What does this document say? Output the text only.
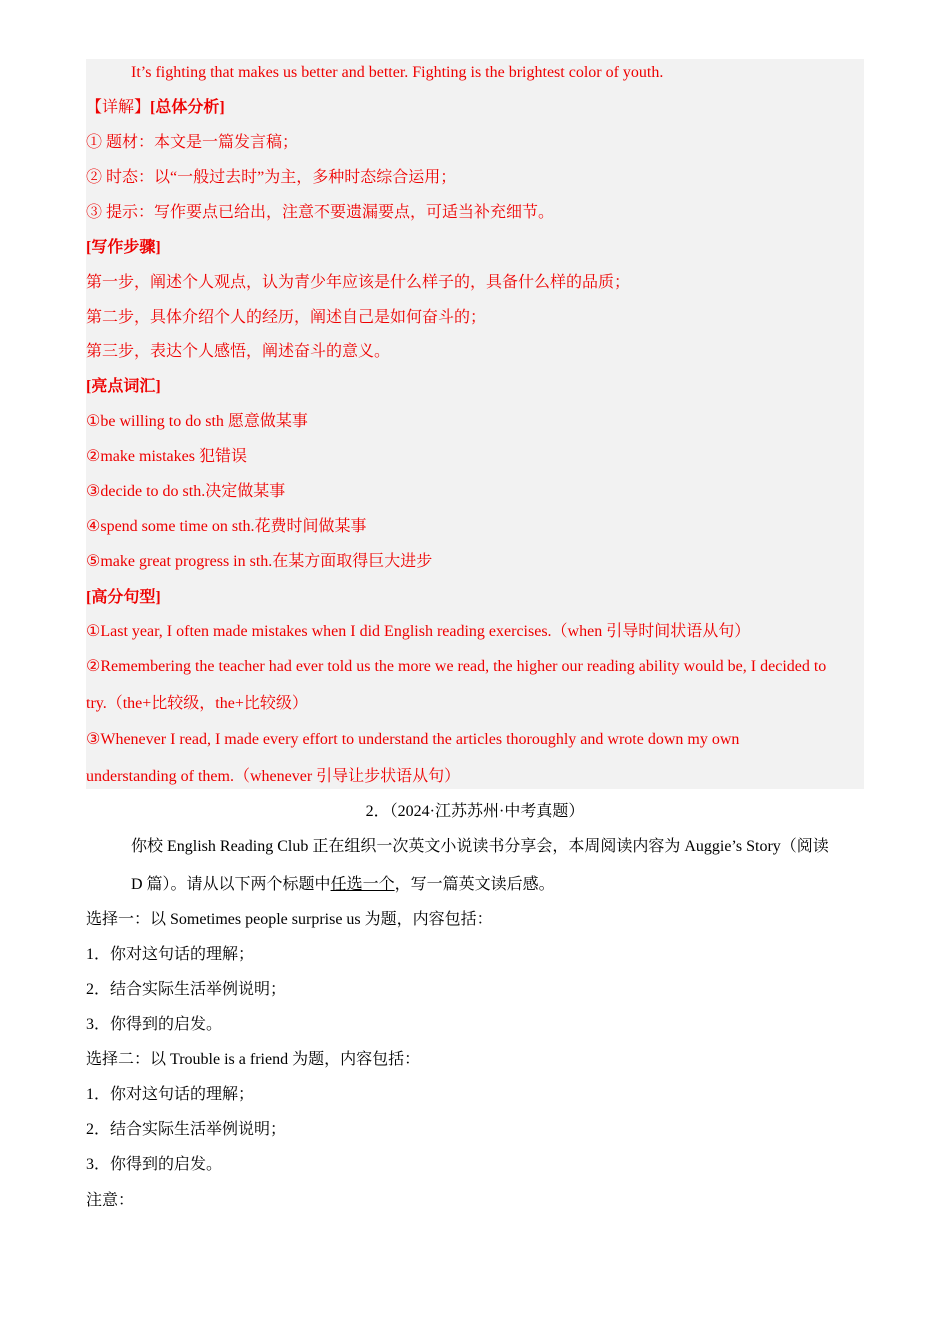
It’s fighting that makes us better and better. Fighting is the brightest color of youth.
【详解】[总体分析]
① 题材：本文是一篇发言稿；
② 时态：以“一般过去时”为主，多种时态综合运用；
③ 提示：写作要点已给出，注意不要遗漏要点，可适当补充细节。
[写作步骤]
第一步，阐述个人观点，认为青少年应该是什么样子的，具备什么样的品质；
第二步，具体介绍个人的经历，阐述自己是如何奋斗的；
第三步，表达个人感悟，阐述奋斗的意义。
[亮点词汇]
①be willing to do sth 愿意做某事
②make mistakes 犯错误
③decide to do sth.决定做某事
④spend some time on sth.花费时间做某事
⑤make great progress in sth.在某方面取得巨大进步
[高分句型]
①Last year, I often made mistakes when I did English reading exercises.（when 引导时间状语从句）
②Remembering the teacher had ever told us the more we read, the higher our reading ability would be, I decided to
try.（the+比较级，the+比较级）
③Whenever I read, I made every effort to understand the articles thoroughly and wrote down my own
understanding of them.（whenever 引导让步状语从句）
2．（2024·江苏苏州·中考真题）
你校 English Reading Club 正在组织一次英文小说读书分享会，本周阅读内容为 Auggie’s Story（阅读
D 篇）。请从以下两个标题中任选一个，写一篇英文读后感。
选择一：以 Sometimes people surprise us 为题，内容包括：
1．你对这句话的理解；
2．结合实际生活举例说明；
3．你得到的启发。
选择二：以 Trouble is a friend 为题，内容包括：
1．你对这句话的理解；
2．结合实际生活举例说明；
3．你得到的启发。
注意：
